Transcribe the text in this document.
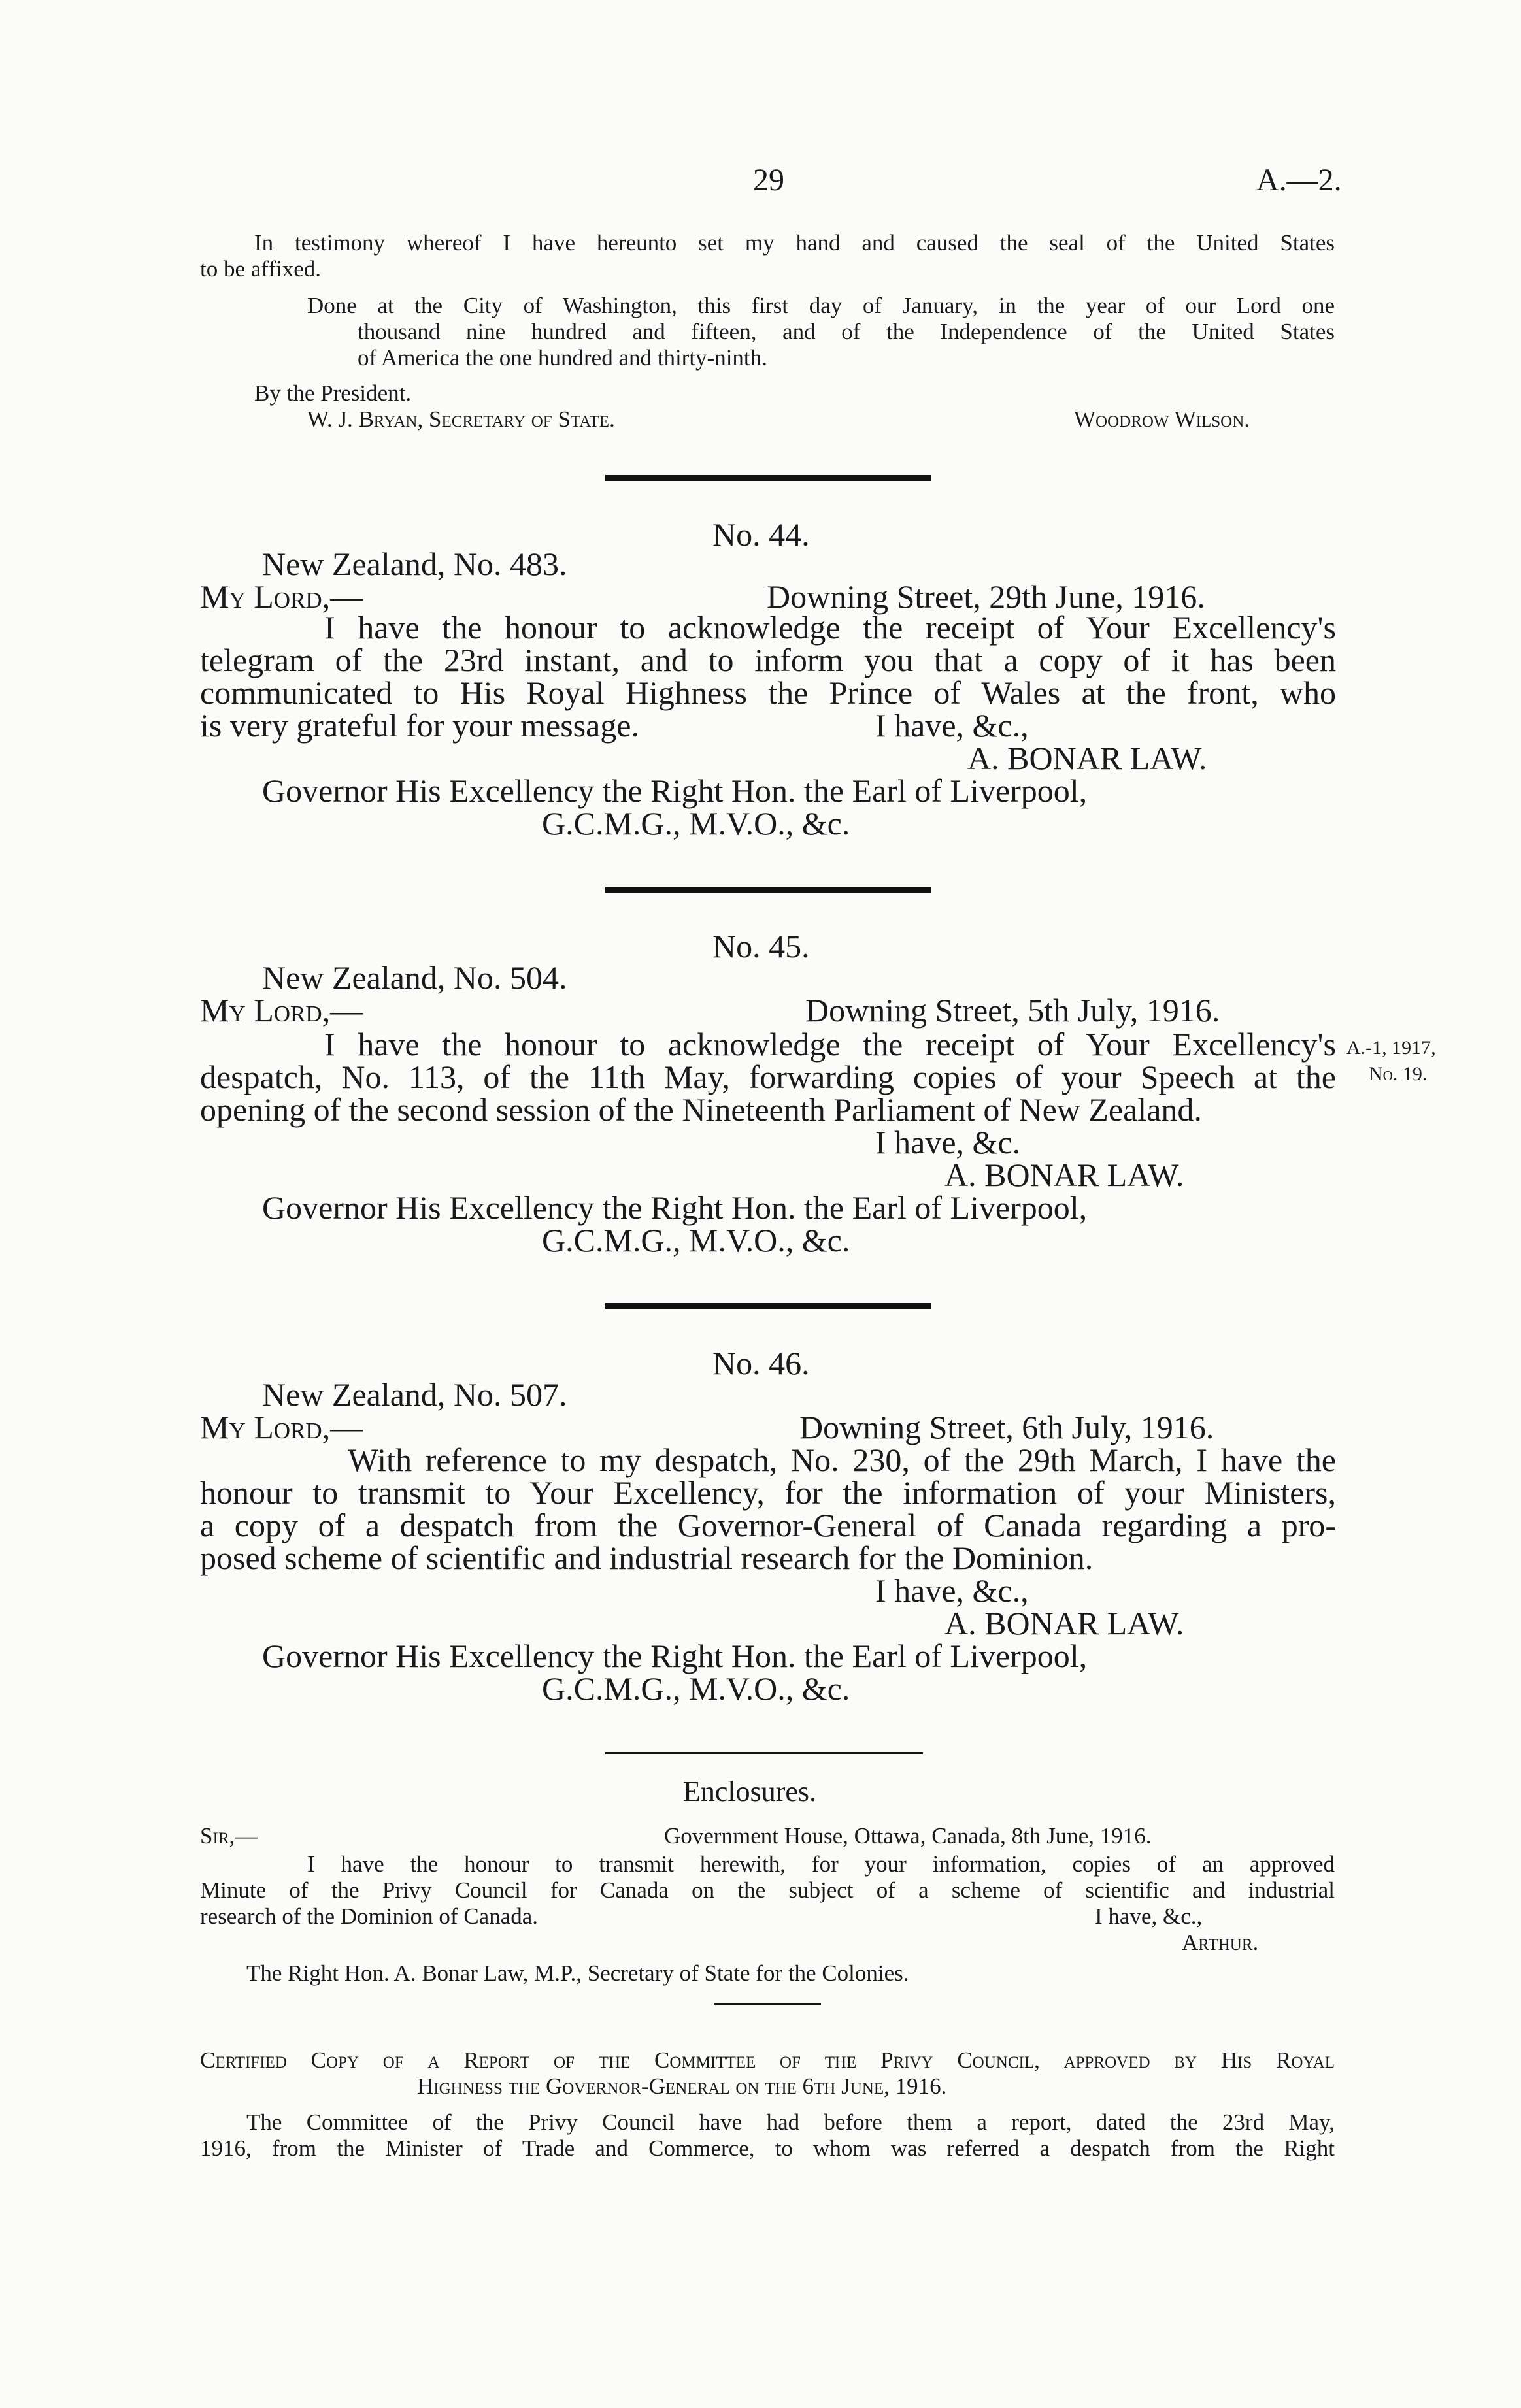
29	A.—2.

In testimony whereof I have hereunto set my hand and caused the seal of the United States

to be affixed.

Done at the City of Washington, this first day of January, in the year of our Lord one

thousand nine hundred and fifteen, and of the Independence of the United States

of America the one hundred and thirty-ninth.

By the President.

W. J. Bryan, Secretary of State.	Woodrow Wilson.

No. 44.

New Zealand, No. 483.

My Lord,—	Downing Street, 29th June, 1916.

I have the honour to acknowledge the receipt of Your Excellency's

telegram of the 23rd instant, and to inform you that a copy of it has been

communicated to His Royal Highness the Prince of Wales at the front, who

is very grateful for your message.	I have, &c.,

A. BONAR LAW.

Governor His Excellency the Right Hon. the Earl of Liverpool,

G.C.M.G., M.V.O., &c.

No. 45.

New Zealand, No. 504.

My Lord,—	Downing Street, 5th July, 1916.

I have the honour to acknowledge the receipt of Your Excellency's

despatch, No. 113, of the 11th May, forwarding copies of your Speech at the

opening of the second session of the Nineteenth Parliament of New Zealand.

I have, &c.

A. BONAR LAW.

Governor His Excellency the Right Hon. the Earl of Liverpool,

G.C.M.G., M.V.O., &c.

A.-1, 1917,

No. 19.

No. 46.

New Zealand, No. 507.

My Lord,—	Downing Street, 6th July, 1916.

With reference to my despatch, No. 230, of the 29th March, I have the

honour to transmit to Your Excellency, for the information of your Ministers,

a copy of a despatch from the Governor-General of Canada regarding a pro-

posed scheme of scientific and industrial research for the Dominion.

I have, &c.,

A. BONAR LAW.

Governor His Excellency the Right Hon. the Earl of Liverpool,

G.C.M.G., M.V.O., &c.

Enclosures.

Sir,—	Government House, Ottawa, Canada, 8th June, 1916.

I have the honour to transmit herewith, for your information, copies of an approved

Minute of the Privy Council for Canada on the subject of a scheme of scientific and industrial

research of the Dominion of Canada.	I have, &c.,

Arthur.

The Right Hon. A. Bonar Law, M.P., Secretary of State for the Colonies.

Certified Copy of a Report of the Committee of the Privy Council, approved by His Royal

Highness the Governor-General on the 6th June, 1916.

The Committee of the Privy Council have had before them a report, dated the 23rd May,

1916, from the Minister of Trade and Commerce, to whom was referred a despatch from the Right
